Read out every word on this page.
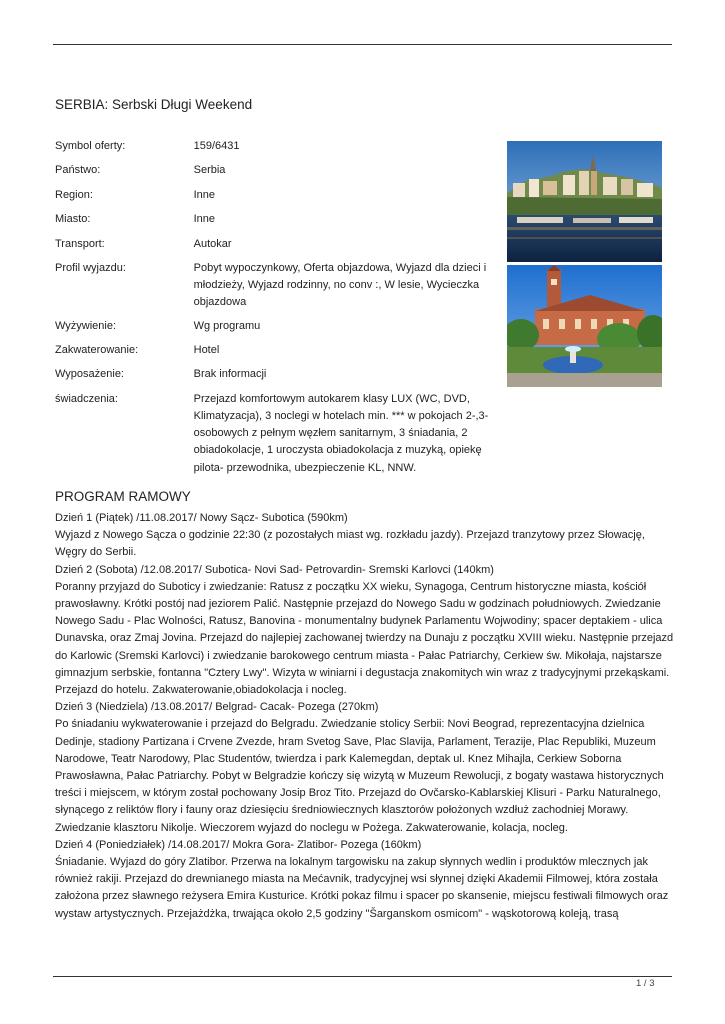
SERBIA: Serbski Długi Weekend
Symbol oferty:	159/6431
Państwo:	Serbia
Region:	Inne
Miasto:	Inne
Transport:	Autokar
Profil wyjazdu:	Pobyt wypoczynkowy, Oferta objazdowa, Wyjazd dla dzieci i młodzieży, Wyjazd rodzinny, no conv :, W lesie, Wycieczka objazdowa

Wyżywienie:	Wg programu
Zakwaterowanie:	Hotel
Wyposażenie:	Brak informacji
świadczenia:	Przejazd komfortowym autokarem klasy LUX (WC, DVD, Klimatyzacja), 3 noclegi w hotelach min. *** w pokojach 2-,3-osobowych z pełnym węzłem sanitarnym, 3 śniadania, 2 obiadokolacje, 1 uroczysta obiadokolacja z muzyką, opiekę pilota- przewodnika, ubezpieczenie KL, NNW.
PROGRAM RAMOWY

Dzień 1 (Piątek) /11.08.2017/ Nowy Sącz- Subotica (590km)

Wyjazd z Nowego Sącza o godzinie 22:30 (z pozostałych miast wg. rozkładu jazdy). Przejazd tranzytowy przez Słowację, Węgry do Serbii.

Dzień 2 (Sobota) /12.08.2017/ Subotica- Novi Sad- Petrovardin- Sremski Karlovci (140km)

Poranny przyjazd do Suboticy i zwiedzanie: Ratusz z początku XX wieku, Synagoga, Centrum historyczne miasta, kościół prawosławny. Krótki postój nad jeziorem Palić. Następnie przejazd do Nowego Sadu w godzinach południowych. Zwiedzanie Nowego Sadu - Plac Wolności, Ratusz, Banovina - monumentalny budynek Parlamentu Wojwodiny; spacer deptakiem - ulica Dunavska, oraz Zmaj Jovina. Przejazd do najlepiej zachowanej twierdzy na Dunaju z początku XVIII wieku. Następnie przejazd do Karlowic (Sremski Karlovci) i zwiedzanie barokowego centrum miasta - Pałac Patriarchy, Cerkiew św. Mikołaja, najstarsze gimnazjum serbskie, fontanna "Cztery Lwy". Wizyta w winiarni i degustacja znakomitych win wraz z tradycyjnymi przekąskami. Przejazd do hotelu. Zakwaterowanie,obiadokolacja i nocleg.

Dzień 3 (Niedziela) /13.08.2017/ Belgrad- Cacak- Pozega (270km)

Po śniadaniu wykwaterowanie i przejazd do Belgradu. Zwiedzanie stolicy Serbii: Novi Beograd, reprezentacyjna dzielnica Dedinje, stadiony Partizana i Crvene Zvezde, hram Svetog Save, Plac Slavija, Parlament, Terazije, Plac Republiki, Muzeum Narodowe, Teatr Narodowy, Plac Studentów, twierdza i park Kalemegdan, deptak ul. Knez Mihajla, Cerkiew Soborna Prawosławna, Pałac Patriarchy. Pobyt w Belgradzie kończy się wizytą w Muzeum Rewolucji, z bogaty wastawa historycznych treści i miejscem, w którym został pochowany Josip Broz Tito. Przejazd do Ovčarsko-Kablarskiej Klisuri - Parku Naturalnego, słynącego z reliktów flory i fauny oraz dziesięciu średniowiecznych klasztorów położonych wzdłuż zachodniej Morawy. Zwiedzanie klasztoru Nikolje. Wieczorem wyjazd do noclegu w Pożega. Zakwaterowanie, kolacja, nocleg.

Dzień 4 (Poniedziałek) /14.08.2017/ Mokra Gora- Zlatibor- Pozega (160km)

Śniadanie. Wyjazd do góry Zlatibor. Przerwa na lokalnym targowisku na zakup słynnych wedlin i produktów mlecznych jak również rakiji. Przejazd do drewnianego miasta na Mećavnik, tradycyjnej wsi słynnej dzięki Akademii Filmowej, która została założona przez sławnego reżysera Emira Kusturice. Krótki pokaz filmu i spacer po skansenie, miejscu festiwali filmowych oraz wystaw artystycznych. Przejażdżka, trwająca około 2,5 godziny "Šarganskom osmicom" - wąskotorową koleją, trasą

1 / 3
